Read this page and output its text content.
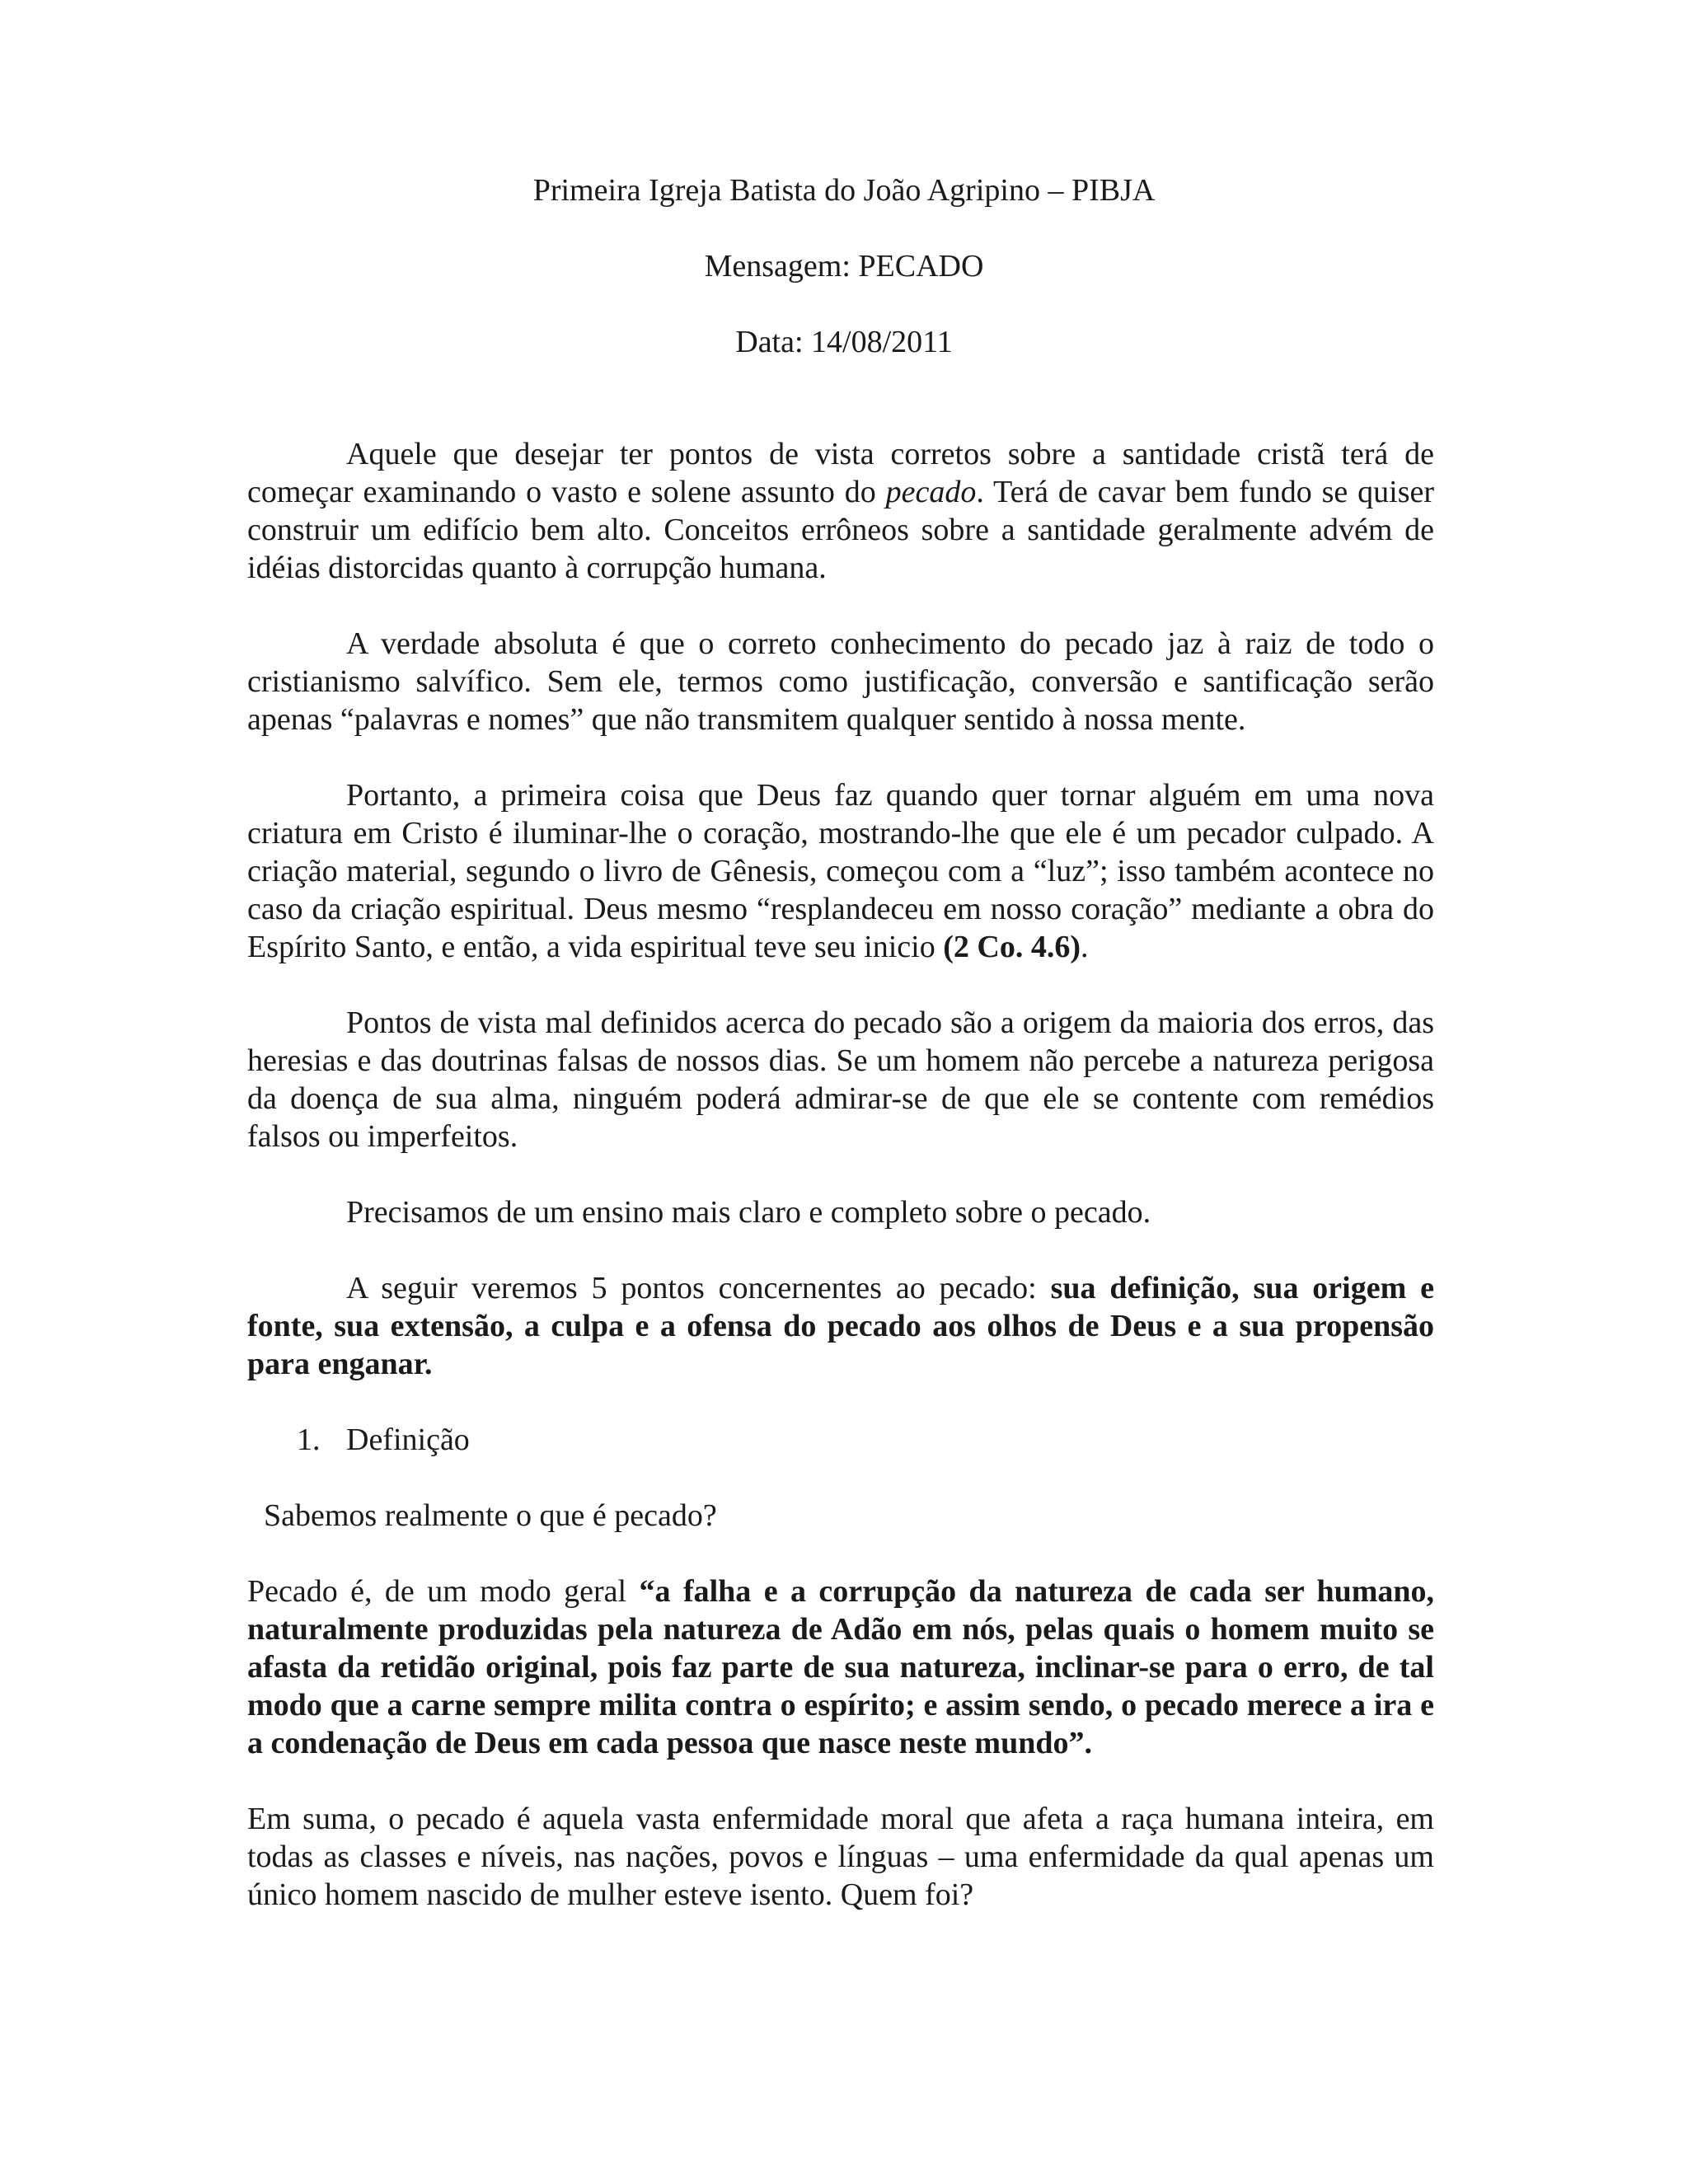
Primeira Igreja Batista do João Agripino – PIBJA

Mensagem: PECADO

Data: 14/08/2011

Aquele que desejar ter pontos de vista corretos sobre a santidade cristã terá de começar examinando o vasto e solene assunto do pecado. Terá de cavar bem fundo se quiser construir um edifício bem alto. Conceitos errôneos sobre a santidade geralmente advém de idéias distorcidas quanto à corrupção humana.

A verdade absoluta é que o correto conhecimento do pecado jaz à raiz de todo o cristianismo salvífico. Sem ele, termos como justificação, conversão e santificação serão apenas “palavras e nomes” que não transmitem qualquer sentido à nossa mente.

Portanto, a primeira coisa que Deus faz quando quer tornar alguém em uma nova criatura em Cristo é iluminar-lhe o coração, mostrando-lhe que ele é um pecador culpado. A criação material, segundo o livro de Gênesis, começou com a “luz”; isso também acontece no caso da criação espiritual. Deus mesmo “resplandeceu em nosso coração” mediante a obra do Espírito Santo, e então, a vida espiritual teve seu inicio (2 Co. 4.6).

Pontos de vista mal definidos acerca do pecado são a origem da maioria dos erros, das heresias e das doutrinas falsas de nossos dias. Se um homem não percebe a natureza perigosa da doença de sua alma, ninguém poderá admirar-se de que ele se contente com remédios falsos ou imperfeitos.

Precisamos de um ensino mais claro e completo sobre o pecado.

A seguir veremos 5 pontos concernentes ao pecado: sua definição, sua origem e fonte, sua extensão, a culpa e a ofensa do pecado aos olhos de Deus e a sua propensão para enganar.

1. Definição

Sabemos realmente o que é pecado?

Pecado é, de um modo geral “a falha e a corrupção da natureza de cada ser humano, naturalmente produzidas pela natureza de Adão em nós, pelas quais o homem muito se afasta da retidão original, pois faz parte de sua natureza, inclinar-se para o erro, de tal modo que a carne sempre milita contra o espírito; e assim sendo, o pecado merece a ira e a condenação de Deus em cada pessoa que nasce neste mundo”.

Em suma, o pecado é aquela vasta enfermidade moral que afeta a raça humana inteira, em todas as classes e níveis, nas nações, povos e línguas – uma enfermidade da qual apenas um único homem nascido de mulher esteve isento. Quem foi?
